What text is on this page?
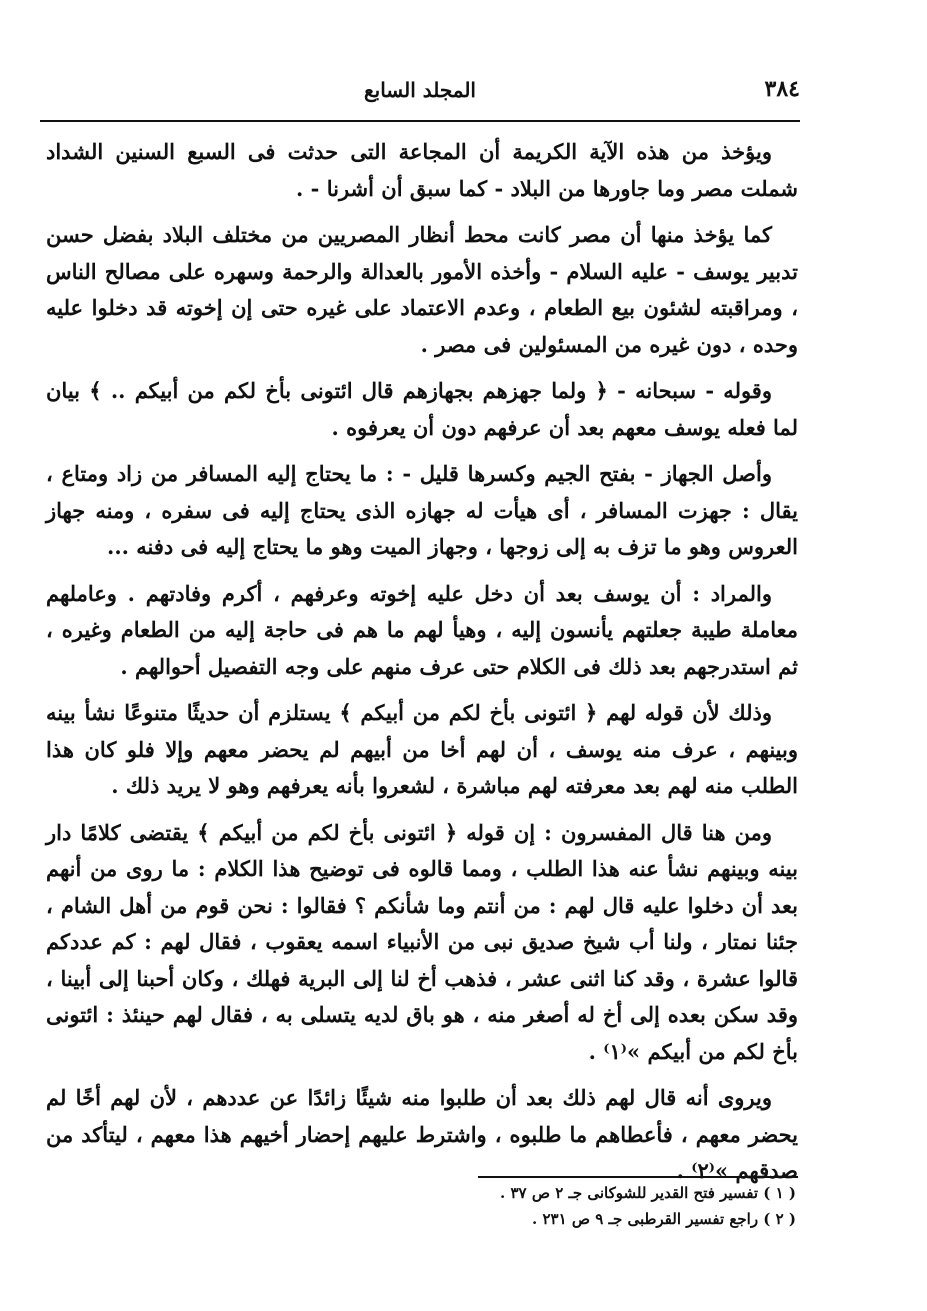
٣٨٤
المجلد السابع

ويؤخذ من هذه الآية الكريمة أن المجاعة التى حدثت فى السبع السنين الشداد شملت مصر وما جاورها من البلاد - كما سبق أن أشرنا - .

كما يؤخذ منها أن مصر كانت محط أنظار المصريين من مختلف البلاد بفضل حسن تدبير يوسف - عليه السلام - وأخذه الأمور بالعدالة والرحمة وسهره على مصالح الناس ، ومراقبته لشئون بيع الطعام ، وعدم الاعتماد على غيره حتى إن إخوته قد دخلوا عليه وحده ، دون غيره من المسئولين فى مصر .

وقوله - سبحانه - ﴿ ولما جهزهم بجهازهم قال ائتونى بأخ لكم من أبيكم .. ﴾ بيان لما فعله يوسف معهم بعد أن عرفهم دون أن يعرفوه .

وأصل الجهاز - بفتح الجيم وكسرها قليل - : ما يحتاج إليه المسافر من زاد ومتاع ، يقال : جهزت المسافر ، أى هيأت له جهازه الذى يحتاج إليه فى سفره ، ومنه جهاز العروس وهو ما تزف به إلى زوجها ، وجهاز الميت وهو ما يحتاج إليه فى دفنه ...

والمراد : أن يوسف بعد أن دخل عليه إخوته وعرفهم ، أكرم وفادتهم . وعاملهم معاملة طيبة جعلتهم يأنسون إليه ، وهيأ لهم ما هم فى حاجة إليه من الطعام وغيره ، ثم استدرجهم بعد ذلك فى الكلام حتى عرف منهم على وجه التفصيل أحوالهم .

وذلك لأن قوله لهم ﴿ ائتونى بأخ لكم من أبيكم ﴾ يستلزم أن حديثًا متنوعًا نشأ بينه وبينهم ، عرف منه يوسف ، أن لهم أخا من أبيهم لم يحضر معهم وإلا فلو كان هذا الطلب منه لهم بعد معرفته لهم مباشرة ، لشعروا بأنه يعرفهم وهو لا يريد ذلك .

ومن هنا قال المفسرون : إن قوله ﴿ ائتونى بأخ لكم من أبيكم ﴾ يقتضى كلامًا دار بينه وبينهم نشأ عنه هذا الطلب ، ومما قالوه فى توضيح هذا الكلام : ما روى من أنهم بعد أن دخلوا عليه قال لهم : من أنتم وما شأنكم ؟ فقالوا : نحن قوم من أهل الشام ، جئنا نمتار ، ولنا أب شيخ صديق نبى من الأنبياء اسمه يعقوب ، فقال لهم : كم عددكم قالوا عشرة ، وقد كنا اثنى عشر ، فذهب أخ لنا إلى البرية فهلك ، وكان أحبنا إلى أبينا ، وقد سكن بعده إلى أخ له أصغر منه ، هو باق لديه يتسلى به ، فقال لهم حينئذ : ائتونى بأخ لكم من أبيكم »⁽١⁾ .

ويروى أنه قال لهم ذلك بعد أن طلبوا منه شيئًا زائدًا عن عددهم ، لأن لهم أخًا لم يحضر معهم ، فأعطاهم ما طلبوه ، واشترط عليهم إحضار أخيهم هذا معهم ، ليتأكد من صدقهم »⁽٢⁾ .

( ١ ) تفسير فتح القدير للشوكانى جـ ٢ ص ٣٧ .
( ٢ ) راجع تفسير القرطبى جـ ٩ ص ٢٣١ .
